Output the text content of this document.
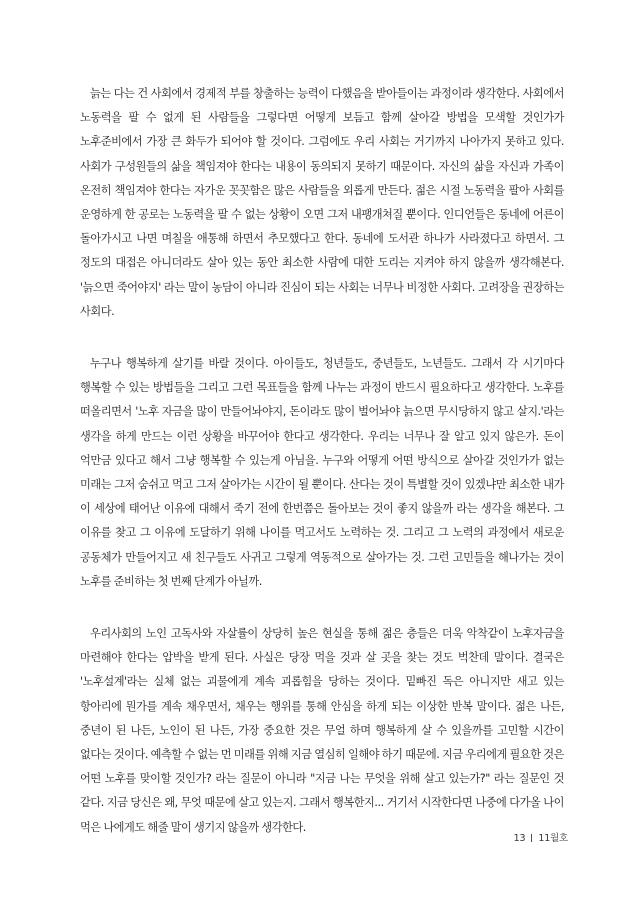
늙는 다는 건 사회에서 경제적 부를 창출하는 능력이 다했음을 받아들이는 과정이라 생각한다. 사회에서 노동력을 팔 수 없게 된 사람들을 그렇다면 어떻게 보듬고 함께 살아갈 방법을 모색할 것인가가 노후준비에서 가장 큰 화두가 되어야 할 것이다. 그럼에도 우리 사회는 거기까지 나아가지 못하고 있다. 사회가 구성원들의 삶을 책임져야 한다는 내용이 동의되지 못하기 때문이다. 자신의 삶을 자신과 가족이 온전히 책임져야 한다는 자가운 꼿꼿함은 많은 사람들을 외롭게 만든다. 젊은 시절 노동력을 팔아 사회를 운영하게 한 공로는 노동력을 팔 수 없는 상황이 오면 그저 내팽개쳐질 뿐이다. 인디언들은 동네에 어른이 돌아가시고 나면 며칠을 애통해 하면서 추모했다고 한다. 동네에 도서관 하나가 사라졌다고 하면서. 그 정도의 대접은 아니더라도 살아 있는 동안 최소한 사람에 대한 도리는 지켜야 하지 않을까 생각해본다. '늙으면 죽어야지' 라는 말이 농담이 아니라 진심이 되는 사회는 너무나 비정한 사회다. 고려장을 권장하는 사회다.

누구나 행복하게 살기를 바랄 것이다. 아이들도, 청년들도, 중년들도, 노년들도. 그래서 각 시기마다 행복할 수 있는 방법들을 그리고 그런 목표들을 함께 나누는 과정이 반드시 필요하다고 생각한다. 노후를 떠올리면서 '노후 자금을 많이 만들어놔야지, 돈이라도 많이 벌어놔야 늙으면 무시당하지 않고 살지.'라는 생각을 하게 만드는 이런 상황을 바꾸어야 한다고 생각한다. 우리는 너무나 잘 알고 있지 않은가. 돈이 억만금 있다고 해서 그냥 행복할 수 있는게 아님을. 누구와 어떻게 어떤 방식으로 살아갈 것인가가 없는 미래는 그저 숨쉬고 먹고 그저 살아가는 시간이 될 뿐이다. 산다는 것이 특별할 것이 있겠냐만 최소한 내가 이 세상에 태어난 이유에 대해서 죽기 전에 한번쯤은 돌아보는 것이 좋지 않을까 라는 생각을 해본다. 그 이유를 찾고 그 이유에 도달하기 위해 나이를 먹고서도 노력하는 것. 그리고 그 노력의 과정에서 새로운 공동체가 만들어지고 새 친구들도 사귀고 그렇게 역동적으로 살아가는 것. 그런 고민들을 해나가는 것이 노후를 준비하는 첫 번째 단계가 아닐까.

우리사회의 노인 고독사와 자살률이 상당히 높은 현실을 통해 젊은 층들은 더욱 악착같이 노후자금을 마련해야 한다는 압박을 받게 된다. 사실은 당장 먹을 것과 살 곳을 찾는 것도 벅찬데 말이다. 결국은 '노후설계'라는 실체 없는 괴물에게 계속 괴롭힘을 당하는 것이다. 밑빠진 독은 아니지만 새고 있는 항아리에 뭔가를 계속 채우면서, 채우는 행위를 통해 안심을 하게 되는 이상한 반복 말이다. 젊은 나든, 중년이 된 나든, 노인이 된 나든, 가장 중요한 것은 무얼 하며 행복하게 살 수 있을까를 고민할 시간이 없다는 것이다. 예측할 수 없는 먼 미래를 위해 지금 열심히 일해야 하기 때문에. 지금 우리에게 필요한 것은 어떤 노후를 맞이할 것인가? 라는 질문이 아니라 "지금 나는 무엇을 위해 살고 있는가?" 라는 질문인 것 같다. 지금 당신은 왜, 무엇 때문에 살고 있는지. 그래서 행복한지... 거기서 시작한다면 나중에 다가올 나이 먹은 나에게도 해줄 말이 생기지 않을까 생각한다.

13 11월호
